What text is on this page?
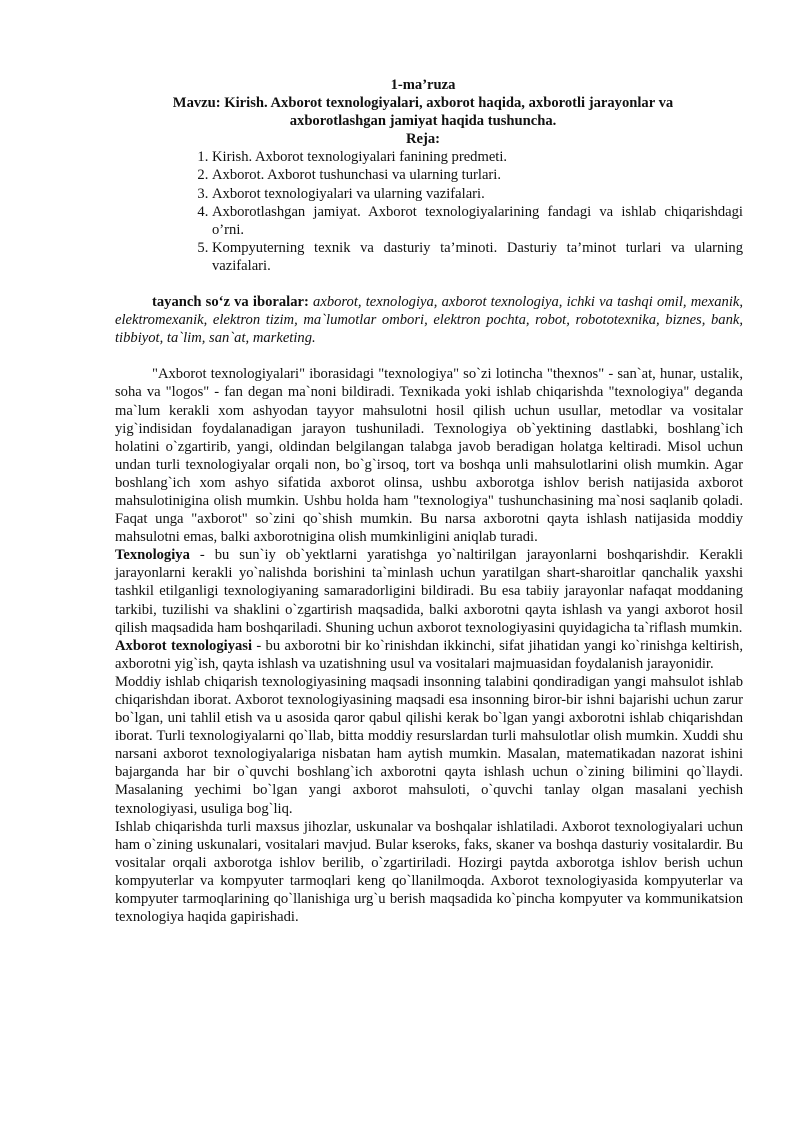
1-ma’ruza
Mavzu: Kirish. Axborot texnologiyalari, axborot haqida, axborotli jarayonlar va
axborotlashgan jamiyat haqida tushuncha.
Reja:
1. Kirish. Axborot texnologiyalari fanining predmeti.
2. Axborot. Axborot tushunchasi va ularning turlari.
3. Axborot texnologiyalari va ularning vazifalari.
4. Axborotlashgan jamiyat. Axborot texnologiyalarining fandagi va ishlab chiqarishdagi o’rni.
5. Kompyuterning texnik va dasturiy ta’minoti. Dasturiy ta’minot turlari va ularning vazifalari.
tayanch so‘z va iboralar: axborot, texnologiya, axborot texnologiya, ichki va tashqi omil, mexanik, elektromexanik, elektron tizim, ma`lumotlar ombori, elektron pochta, robot, robototexnika, biznes, bank, tibbiyot, ta`lim, san`at, marketing.
"Axborot texnologiyalari" iborasidagi "texnologiya" so`zi lotincha "thexnos" - san`at, hunar, ustalik, soha va "logos" - fan degan ma`noni bildiradi. Texnikada yoki ishlab chiqarishda "texnologiya" deganda ma`lum kerakli xom ashyodan tayyor mahsulotni hosil qilish uchun usullar, metodlar va vositalar yig`indisidan foydalanadigan jarayon tushuniladi. Texnologiya ob`yektining dastlabki, boshlang`ich holatini o`zgartirib, yangi, oldindan belgilangan talabga javob beradigan holatga keltiradi. Misol uchun undan turli texnologiyalar orqali non, bo`g`irsoq, tort va boshqa unli mahsulotlarini olish mumkin. Agar boshlang`ich xom ashyo sifatida axborot olinsa, ushbu axborotga ishlov berish natijasida axborot mahsulotinigina olish mumkin. Ushbu holda ham "texnologiya" tushunchasining ma`nosi saqlanib qoladi. Faqat unga "axborot" so`zini qo`shish mumkin. Bu narsa axborotni qayta ishlash natijasida moddiy mahsulotni emas, balki axborotnigina olish mumkinligini aniqlab turadi.
Texnologiya - bu sun`iy ob`yektlarni yaratishga yo`naltirilgan jarayonlarni boshqarishdir. Kerakli jarayonlarni kerakli yo`nalishda borishini ta`minlash uchun yaratilgan shart-sharoitlar qanchalik yaxshi tashkil etilganligi texnologiyaning samaradorligini bildiradi. Bu esa tabiiy jarayonlar nafaqat moddaning tarkibi, tuzilishi va shaklini o`zgartirish maqsadida, balki axborotni qayta ishlash va yangi axborot hosil qilish maqsadida ham boshqariladi. Shuning uchun axborot texnologiyasini quyidagicha ta`riflash mumkin.
Axborot texnologiyasi - bu axborotni bir ko`rinishdan ikkinchi, sifat jihatidan yangi ko`rinishga keltirish, axborotni yig`ish, qayta ishlash va uzatishning usul va vositalari majmuasidan foydalanish jarayonidir.
Moddiy ishlab chiqarish texnologiyasining maqsadi insonning talabini qondiradigan yangi mahsulot ishlab chiqarishdan iborat. Axborot texnologiyasining maqsadi esa insonning biror-bir ishni bajarishi uchun zarur bo`lgan, uni tahlil etish va u asosida qaror qabul qilishi kerak bo`lgan yangi axborotni ishlab chiqarishdan iborat. Turli texnologiyalarni qo`llab, bitta moddiy resurslardan turli mahsulotlar olish mumkin. Xuddi shu narsani axborot texnologiyalariga nisbatan ham aytish mumkin. Masalan, matematikadan nazorat ishini bajarganda har bir o`quvchi boshlang`ich axborotni qayta ishlash uchun o`zining bilimini qo`llaydi. Masalaning yechimi bo`lgan yangi axborot mahsuloti, o`quvchi tanlay olgan masalani yechish texnologiyasi, usuliga bog`liq.
Ishlab chiqarishda turli maxsus jihozlar, uskunalar va boshqalar ishlatiladi. Axborot texnologiyalari uchun ham o`zining uskunalari, vositalari mavjud. Bular kseroks, faks, skaner va boshqa dasturiy vositalardir. Bu vositalar orqali axborotga ishlov berilib, o`zgartiriladi. Hozirgi paytda axborotga ishlov berish uchun kompyuterlar va kompyuter tarmoqlari keng qo`llanilmoqda. Axborot texnologiyasida kompyuterlar va kompyuter tarmoqlarining qo`llanishiga urg`u berish maqsadida ko`pincha kompyuter va kommunikatsion texnologiya haqida gapirishadi.
